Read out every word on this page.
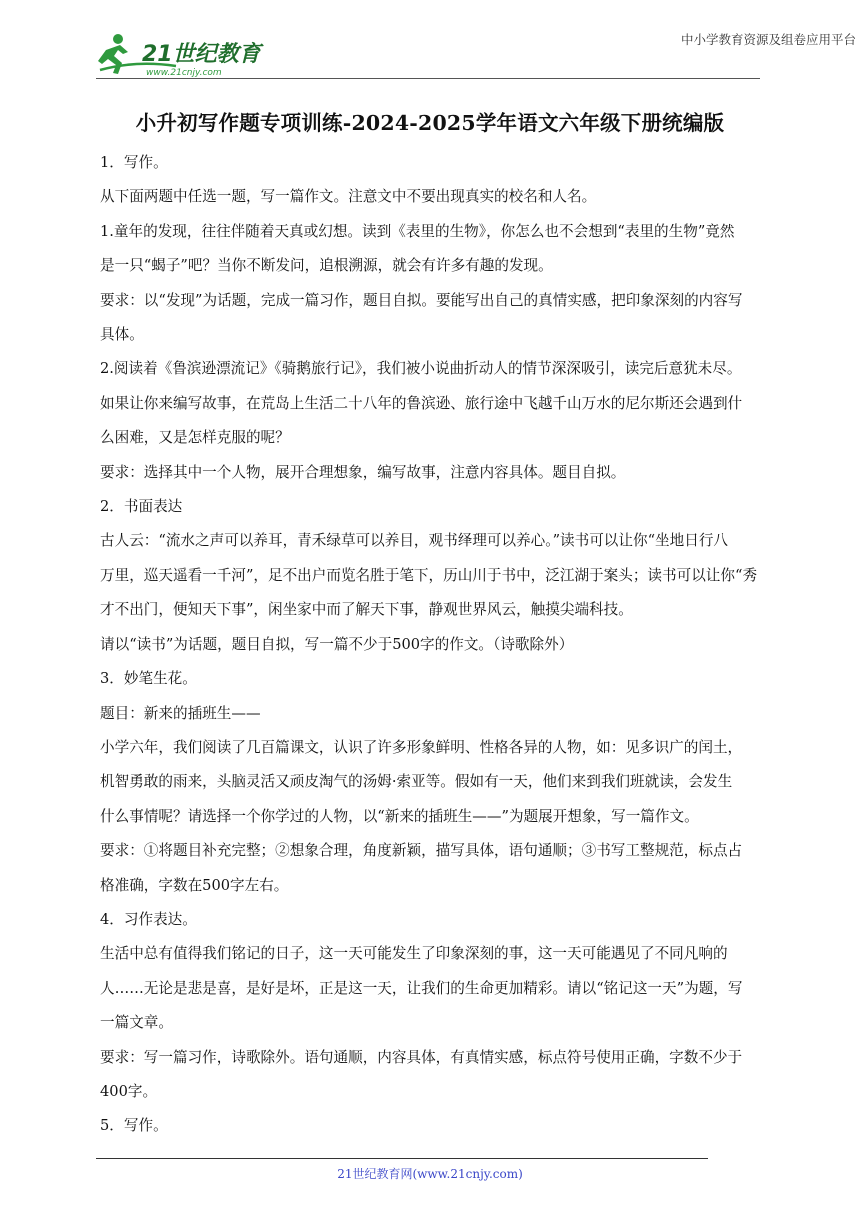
21世纪教育
www.21cnjy.com
中小学教育资源及组卷应用平台
小升初写作题专项训练-2024-2025学年语文六年级下册统编版

1．写作。

从下面两题中任选一题，写一篇作文。注意文中不要出现真实的校名和人名。

1.童年的发现，往往伴随着天真或幻想。读到《表里的生物》，你怎么也不会想到“表里的生物”竟然

是一只“蝎子”吧？当你不断发问，追根溯源，就会有许多有趣的发现。

要求：以“发现”为话题，完成一篇习作，题目自拟。要能写出自己的真情实感，把印象深刻的内容写

具体。

2.阅读着《鲁滨逊漂流记》《骑鹅旅行记》，我们被小说曲折动人的情节深深吸引，读完后意犹未尽。

如果让你来编写故事，在荒岛上生活二十八年的鲁滨逊、旅行途中飞越千山万水的尼尔斯还会遇到什

么困难，又是怎样克服的呢？

要求：选择其中一个人物，展开合理想象，编写故事，注意内容具体。题目自拟。

2．书面表达

古人云：“流水之声可以养耳，青禾绿草可以养目，观书绎理可以养心。”读书可以让你“坐地日行八

万里，巡天遥看一千河”，足不出户而览名胜于笔下，历山川于书中，泛江湖于案头；读书可以让你“秀

才不出门，便知天下事”，闲坐家中而了解天下事，静观世界风云，触摸尖端科技。

请以“读书”为话题，题目自拟，写一篇不少于500字的作文。（诗歌除外）

3．妙笔生花。

题目：新来的插班生——

小学六年，我们阅读了几百篇课文，认识了许多形象鲜明、性格各异的人物，如：见多识广的闰土，

机智勇敢的雨来，头脑灵活又顽皮淘气的汤姆·索亚等。假如有一天，他们来到我们班就读，会发生

什么事情呢？请选择一个你学过的人物，以“新来的插班生——”为题展开想象，写一篇作文。

要求：①将题目补充完整；②想象合理，角度新颖，描写具体，语句通顺；③书写工整规范，标点占

格准确，字数在500字左右。

4．习作表达。

生活中总有值得我们铭记的日子，这一天可能发生了印象深刻的事，这一天可能遇见了不同凡响的

人……无论是悲是喜，是好是坏，正是这一天，让我们的生命更加精彩。请以“铭记这一天”为题，写

一篇文章。

要求：写一篇习作，诗歌除外。语句通顺，内容具体，有真情实感，标点符号使用正确，字数不少于

400字。

5．写作。

21世纪教育网(www.21cnjy.com)
